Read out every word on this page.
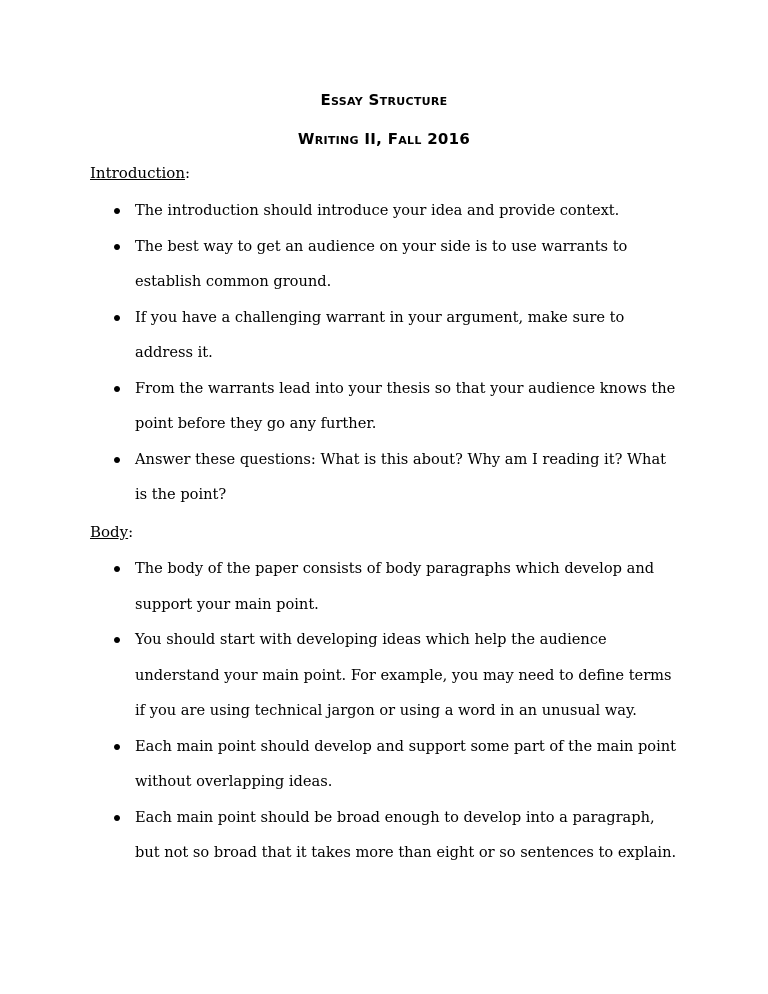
Essay Structure
Writing II, Fall 2016
Introduction:
The introduction should introduce your idea and provide context.
The best way to get an audience on your side is to use warrants to
establish common ground.
If you have a challenging warrant in your argument, make sure to
address it.
From the warrants lead into your thesis so that your audience knows the
point before they go any further.
Answer these questions: What is this about? Why am I reading it? What
is the point?
Body:
The body of the paper consists of body paragraphs which develop and
support your main point.
You should start with developing ideas which help the audience
understand your main point. For example, you may need to define terms
if you are using technical jargon or using a word in an unusual way.
Each main point should develop and support some part of the main point
without overlapping ideas.
Each main point should be broad enough to develop into a paragraph,
but not so broad that it takes more than eight or so sentences to explain.
